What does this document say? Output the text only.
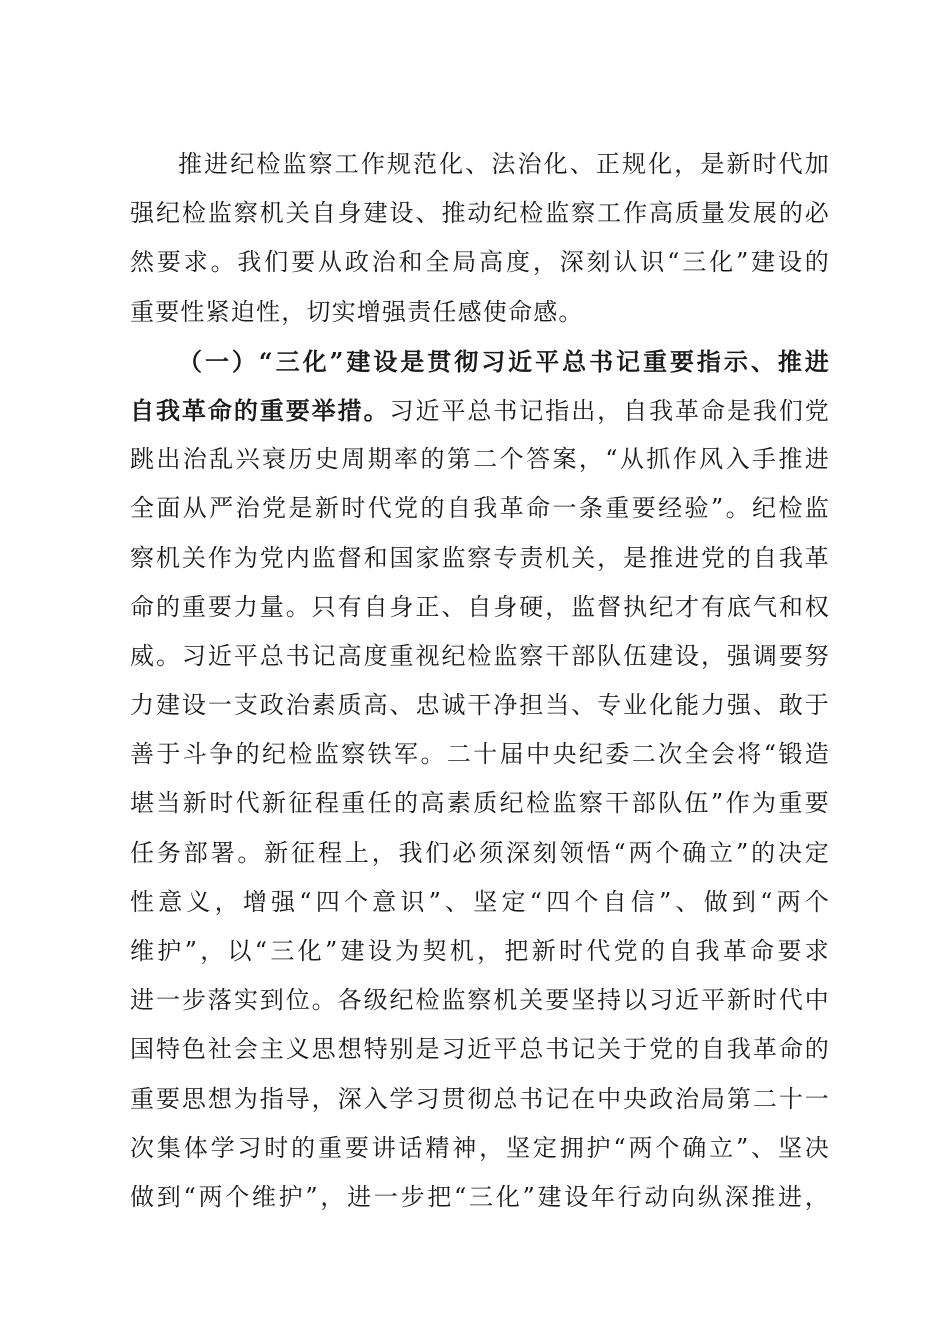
推进纪检监察工作规范化、法治化、正规化，是新时代加
强纪检监察机关自身建设、推动纪检监察工作高质量发展的必
然要求。我们要从政治和全局高度，深刻认识“三化”建设的
重要性紧迫性，切实增强责任感使命感。
（一）“三化”建设是贯彻习近平总书记重要指示、推进
自我革命的重要举措。习近平总书记指出，自我革命是我们党
跳出治乱兴衰历史周期率的第二个答案，“从抓作风入手推进
全面从严治党是新时代党的自我革命一条重要经验”。纪检监
察机关作为党内监督和国家监察专责机关，是推进党的自我革
命的重要力量。只有自身正、自身硬，监督执纪才有底气和权
威。习近平总书记高度重视纪检监察干部队伍建设，强调要努
力建设一支政治素质高、忠诚干净担当、专业化能力强、敢于
善于斗争的纪检监察铁军。二十届中央纪委二次全会将“锻造
堪当新时代新征程重任的高素质纪检监察干部队伍”作为重要
任务部署。新征程上，我们必须深刻领悟“两个确立”的决定
性意义，增强“四个意识”、坚定“四个自信”、做到“两个
维护”，以“三化”建设为契机，把新时代党的自我革命要求
进一步落实到位。各级纪检监察机关要坚持以习近平新时代中
国特色社会主义思想特别是习近平总书记关于党的自我革命的
重要思想为指导，深入学习贯彻总书记在中央政治局第二十一
次集体学习时的重要讲话精神，坚定拥护“两个确立”、坚决
做到“两个维护”，进一步把“三化”建设年行动向纵深推进，
